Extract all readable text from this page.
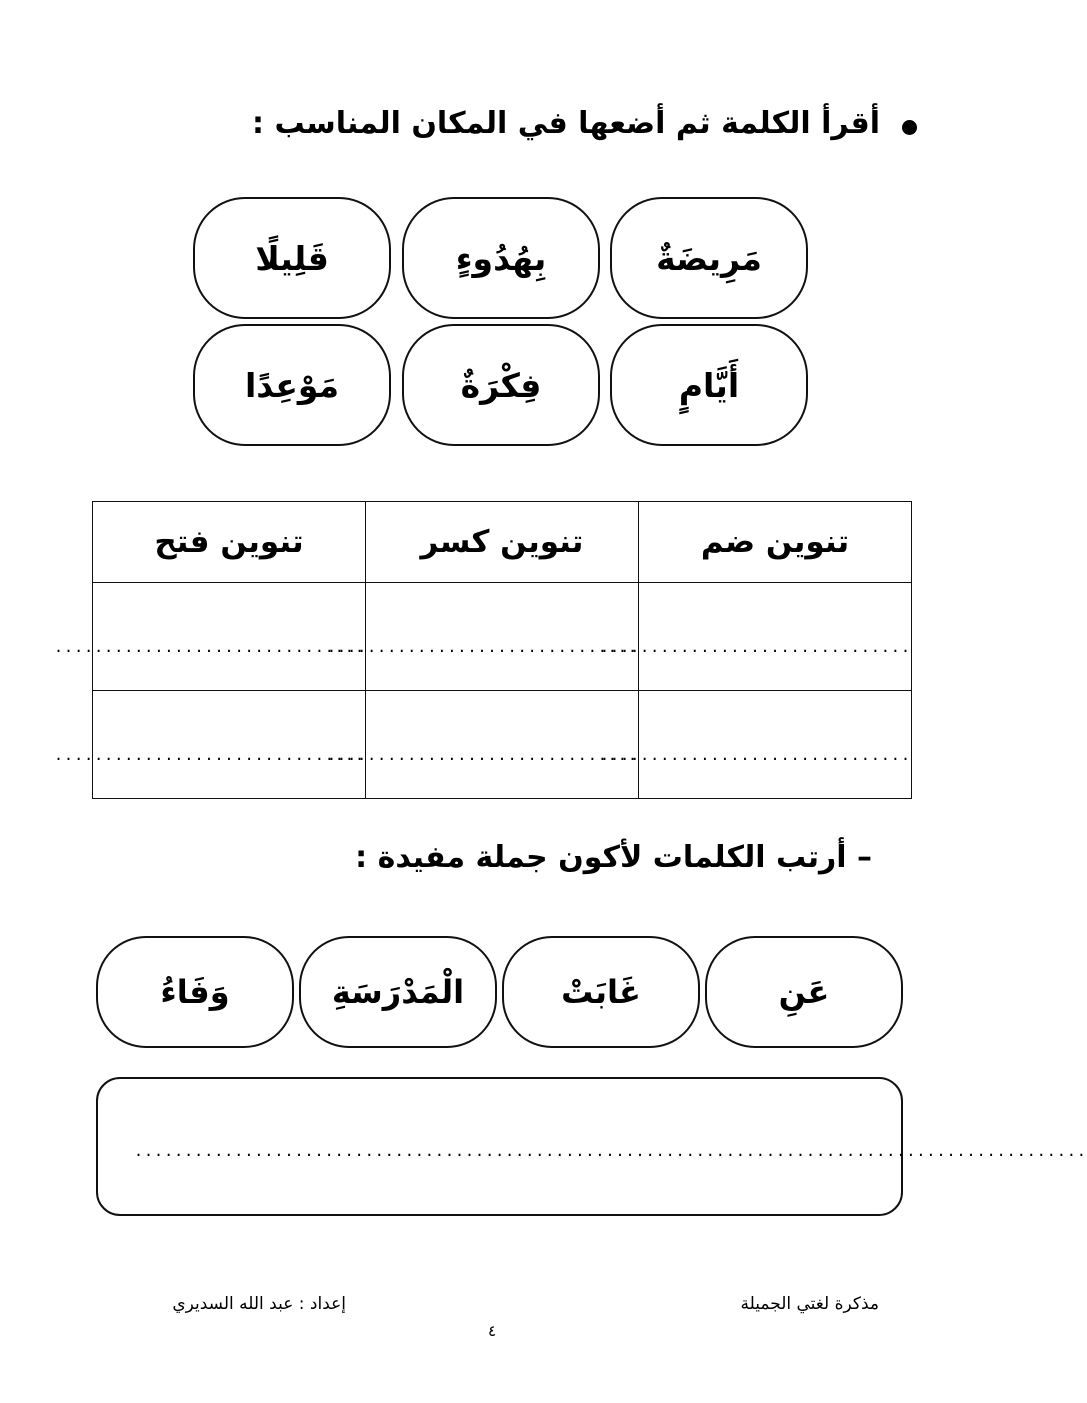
أقرأ الكلمة ثم أضعها في المكان المناسب :
مَرِيضَةٌ
بِهُدُوءٍ
قَلِيلًا
أَيَّامٍ
فِكْرَةٌ
مَوْعِدًا
تنوين ضم	تنوين كسر	تنوين فتح

...............................	...............................	...............................

...............................	...............................	...............................
– أرتب الكلمات لأكون جملة مفيدة :
عَنِ
غَابَتْ
الْمَدْرَسَةِ
وَفَاءُ
...............................................................................................
مذكرة لغتي الجميلة
إعداد : عبد الله السديري
٤
